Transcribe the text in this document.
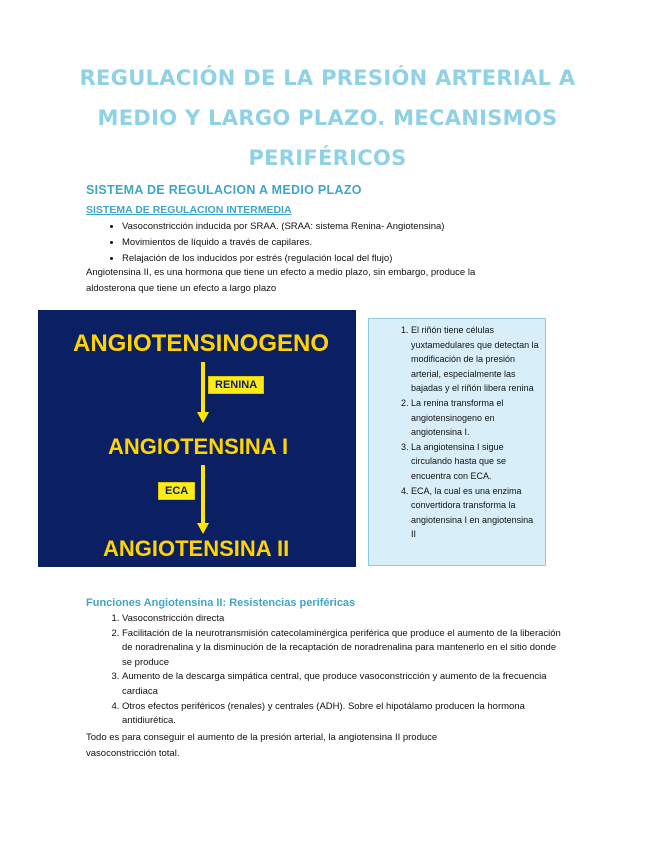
REGULACIÓN DE LA PRESIÓN ARTERIAL A
MEDIO Y LARGO PLAZO. MECANISMOS
PERIFÉRICOS
SISTEMA DE REGULACION A MEDIO PLAZO
SISTEMA DE REGULACION INTERMEDIA
• Vasoconstricción inducida por SRAA. (SRAA: sistema Renina- Angiotensina)
• Movimientos de líquido a través de capilares.
• Relajación de los inducidos por estrés (regulación local del flujo)

Angiotensina II, es una hormona que tiene un efecto a medio plazo, sin embargo, produce la aldosterona que tiene un efecto a largo plazo

ANGIOTENSINOGENO
RENINA
ANGIOTENSINA I
ECA
ANGIOTENSINA II
1. El riñón tiene células yuxtamedulares que detectan la modificación de la presión arterial, especialmente las bajadas y el riñón libera renina
2. La renina transforma el angiotensinogeno en angiotensina I.
3. La angiotensina I sigue circulando hasta que se encuentra con ECA.
4. ECA, la cual es una enzima convertidora transforma la angiotensina I en angiotensina II
Funciones Angiotensina II: Resistencias periféricas
1. Vasoconstricción directa
2. Facilitación de la neurotransmisión catecolaminérgica periférica que produce el aumento de la liberación de noradrenalina y la disminución de la recaptación de noradrenalina para mantenerlo en el sitio donde se produce
3. Aumento de la descarga simpática central, que produce vasoconstricción y aumento de la frecuencia cardiaca
4. Otros efectos periféricos (renales) y centrales (ADH). Sobre el hipotálamo producen la hormona antidiurética.

Todo es para conseguir el aumento de la presión arterial, la angiotensina II produce vasoconstricción total.
